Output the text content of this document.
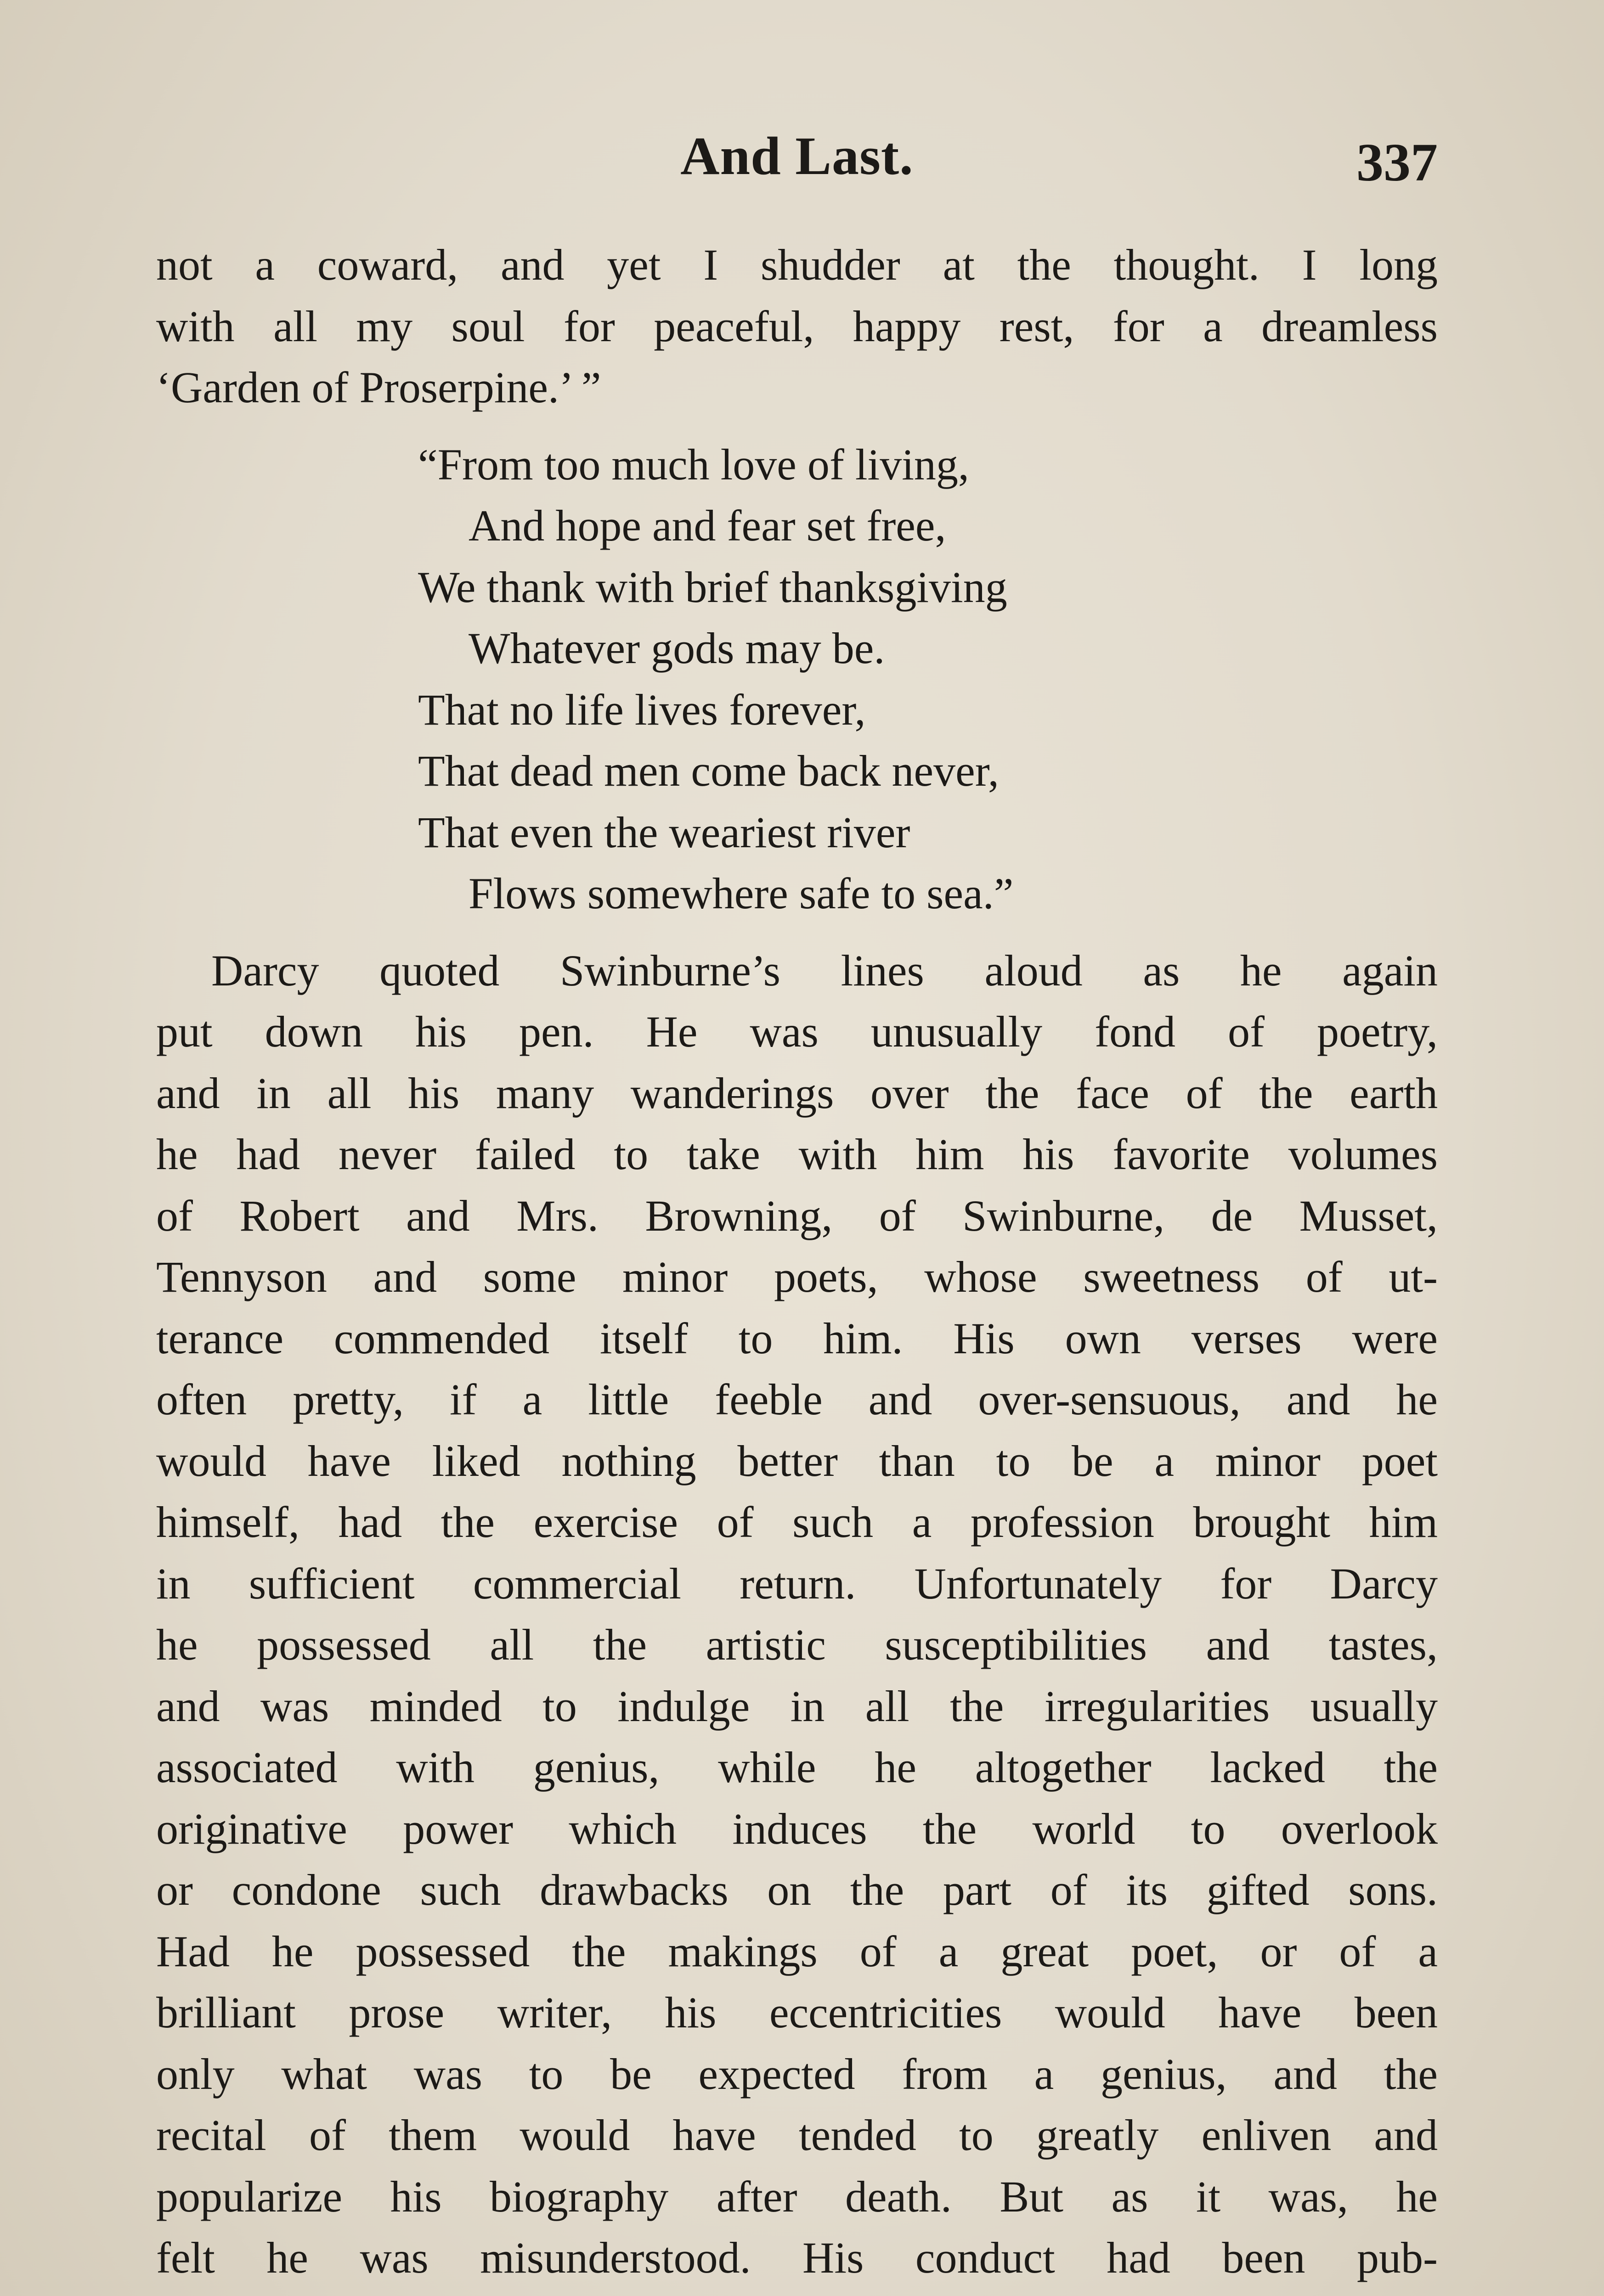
And Last.	337
not a coward, and yet I shudder at the thought. I long
with all my soul for peaceful, happy rest, for a dreamless
‘Garden of Proserpine.’ ”
“From too much love of living,
And hope and fear set free,
We thank with brief thanksgiving
Whatever gods may be.
That no life lives forever,
That dead men come back never,
That even the weariest river
Flows somewhere safe to sea.”
Darcy quoted Swinburne’s lines aloud as he again
put down his pen. He was unusually fond of poetry,
and in all his many wanderings over the face of the earth
he had never failed to take with him his favorite volumes
of Robert and Mrs. Browning, of Swinburne, de Musset,
Tennyson and some minor poets, whose sweetness of ut-
terance commended itself to him. His own verses were
often pretty, if a little feeble and over-sensuous, and he
would have liked nothing better than to be a minor poet
himself, had the exercise of such a profession brought him
in sufficient commercial return. Unfortunately for Darcy
he possessed all the artistic susceptibilities and tastes,
and was minded to indulge in all the irregularities usually
associated with genius, while he altogether lacked the
originative power which induces the world to overlook
or condone such drawbacks on the part of its gifted sons.
Had he possessed the makings of a great poet, or of a
brilliant prose writer, his eccentricities would have been
only what was to be expected from a genius, and the
recital of them would have tended to greatly enliven and
popularize his biography after death. But as it was, he
felt he was misunderstood. His conduct had been pub-
